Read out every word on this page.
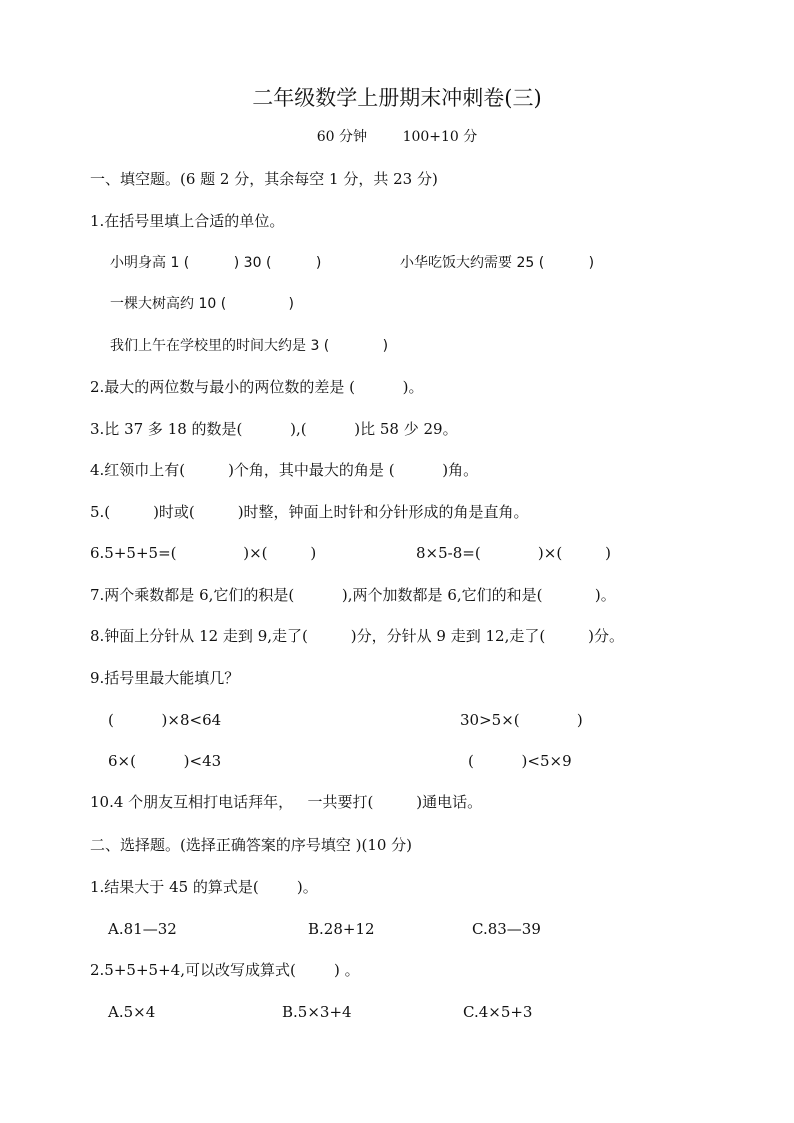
二年级数学上册期末冲刺卷(三)
60 分钟        100+10 分
一、填空题。(6 题 2 分，其余每空 1 分，共 23 分)
1.在括号里填上合适的单位。
小明身高 1 (          ) 30 (          )	小华吃饭大约需要 25 (          )
一棵大树高约 10 (              )
我们上午在学校里的时间大约是 3 (            )
2.最大的两位数与最小的两位数的差是 (          )。
3.比 37 多 18 的数是(          ),(          )比 58 少 29。
4.红领巾上有(         )个角，其中最大的角是 (          )角。
5.(         )时或(         )时整，钟面上时针和分针形成的角是直角。
6.5+5+5=(              )×(         )	8×5-8=(            )×(         )
7.两个乘数都是 6,它们的积是(          ),两个加数都是 6,它们的和是(           )。
8.钟面上分针从 12 走到 9,走了(         )分，分针从 9 走到 12,走了(         )分。
9.括号里最大能填几？
(          )×8<64	30>5×(            )
6×(          )<43	(          )<5×9
10.4 个朋友互相打电话拜年，   一共要打(         )通电话。
二、选择题。(选择正确答案的序号填空 )(10 分)
1.结果大于 45 的算式是(        )。
A.81—32	B.28+12	C.83—39
2.5+5+5+4,可以改写成算式(        ) 。
A.5×4	B.5×3+4	C.4×5+3
